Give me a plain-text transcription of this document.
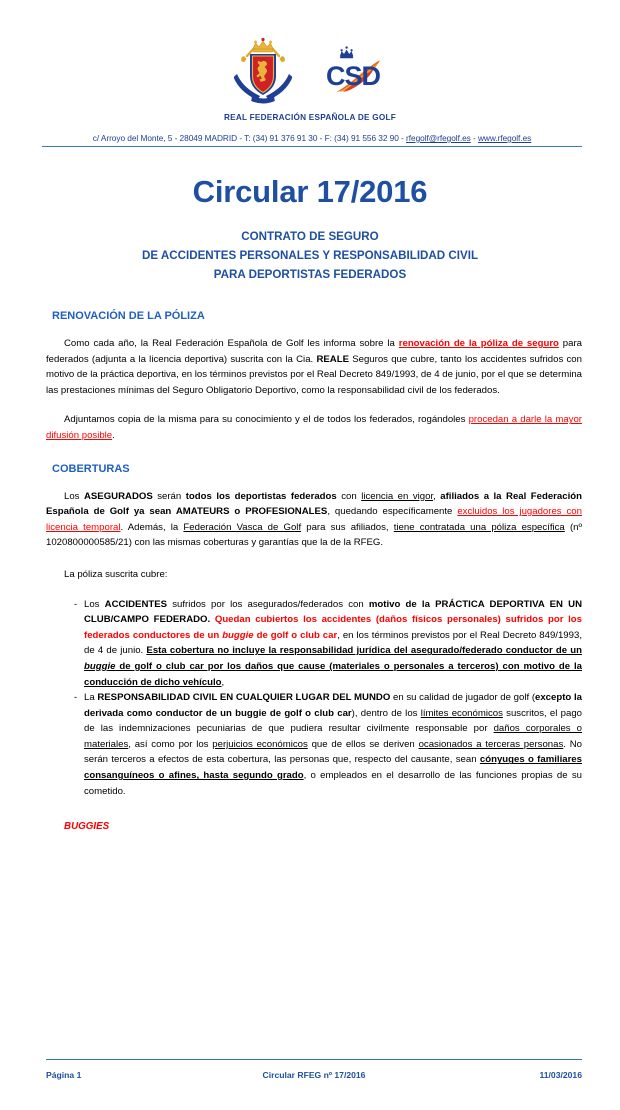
CSD
REAL FEDERACIÓN ESPAÑOLA DE GOLF
c/ Arroyo del Monte, 5 - 28049 MADRID - T: (34) 91 376 91 30 - F: (34) 91 556 32 90 - rfegolf@rfegolf.es - www.rfegolf.es
Circular 17/2016
CONTRATO DE SEGURO
DE ACCIDENTES PERSONALES Y RESPONSABILIDAD CIVIL
PARA DEPORTISTAS FEDERADOS
RENOVACIÓN DE LA PÓLIZA

Como cada año, la Real Federación Española de Golf les informa sobre la renovación de la póliza de seguro para federados (adjunta a la licencia deportiva) suscrita con la Cia. REALE Seguros que cubre, tanto los accidentes sufridos con motivo de la práctica deportiva, en los términos previstos por el Real Decreto 849/1993, de 4 de junio, por el que se determina las prestaciones mínimas del Seguro Obligatorio Deportivo, como la responsabilidad civil de los federados.

Adjuntamos copia de la misma para su conocimiento y el de todos los federados, rogándoles procedan a darle la mayor difusión posible.

COBERTURAS

Los ASEGURADOS serán todos los deportistas federados con licencia en vigor, afiliados a la Real Federación Española de Golf ya sean AMATEURS o PROFESIONALES, quedando específicamente excluidos los jugadores con licencia temporal. Además, la Federación Vasca de Golf para sus afiliados, tiene contratada una póliza específica (nº 1020800000585/21) con las mismas coberturas y garantías que la de la RFEG.

La póliza suscrita cubre:

- Los ACCIDENTES sufridos por los asegurados/federados con motivo de la PRÁCTICA DEPORTIVA EN UN CLUB/CAMPO FEDERADO. Quedan cubiertos los accidentes (daños físicos personales) sufridos por los federados conductores de un buggie de golf o club car, en los términos previstos por el Real Decreto 849/1993, de 4 de junio. Esta cobertura no incluye la responsabilidad jurídica del asegurado/federado conductor de un buggie de golf o club car por los daños que cause (materiales o personales a terceros) con motivo de la conducción de dicho vehículo,
- La RESPONSABILIDAD CIVIL EN CUALQUIER LUGAR DEL MUNDO en su calidad de jugador de golf (excepto la derivada como conductor de un buggie de golf o club car), dentro de los límites económicos suscritos, el pago de las indemnizaciones pecuniarias de que pudiera resultar civilmente responsable por daños corporales o materiales, así como por los perjuicios económicos que de ellos se deriven ocasionados a terceras personas. No serán terceros a efectos de esta cobertura, las personas que, respecto del causante, sean cónyuges o familiares consanguíneos o afines, hasta segundo grado, o empleados en el desarrollo de las funciones propias de su cometido.
BUGGIES
Página 1	Circular RFEG nº 17/2016	11/03/2016
